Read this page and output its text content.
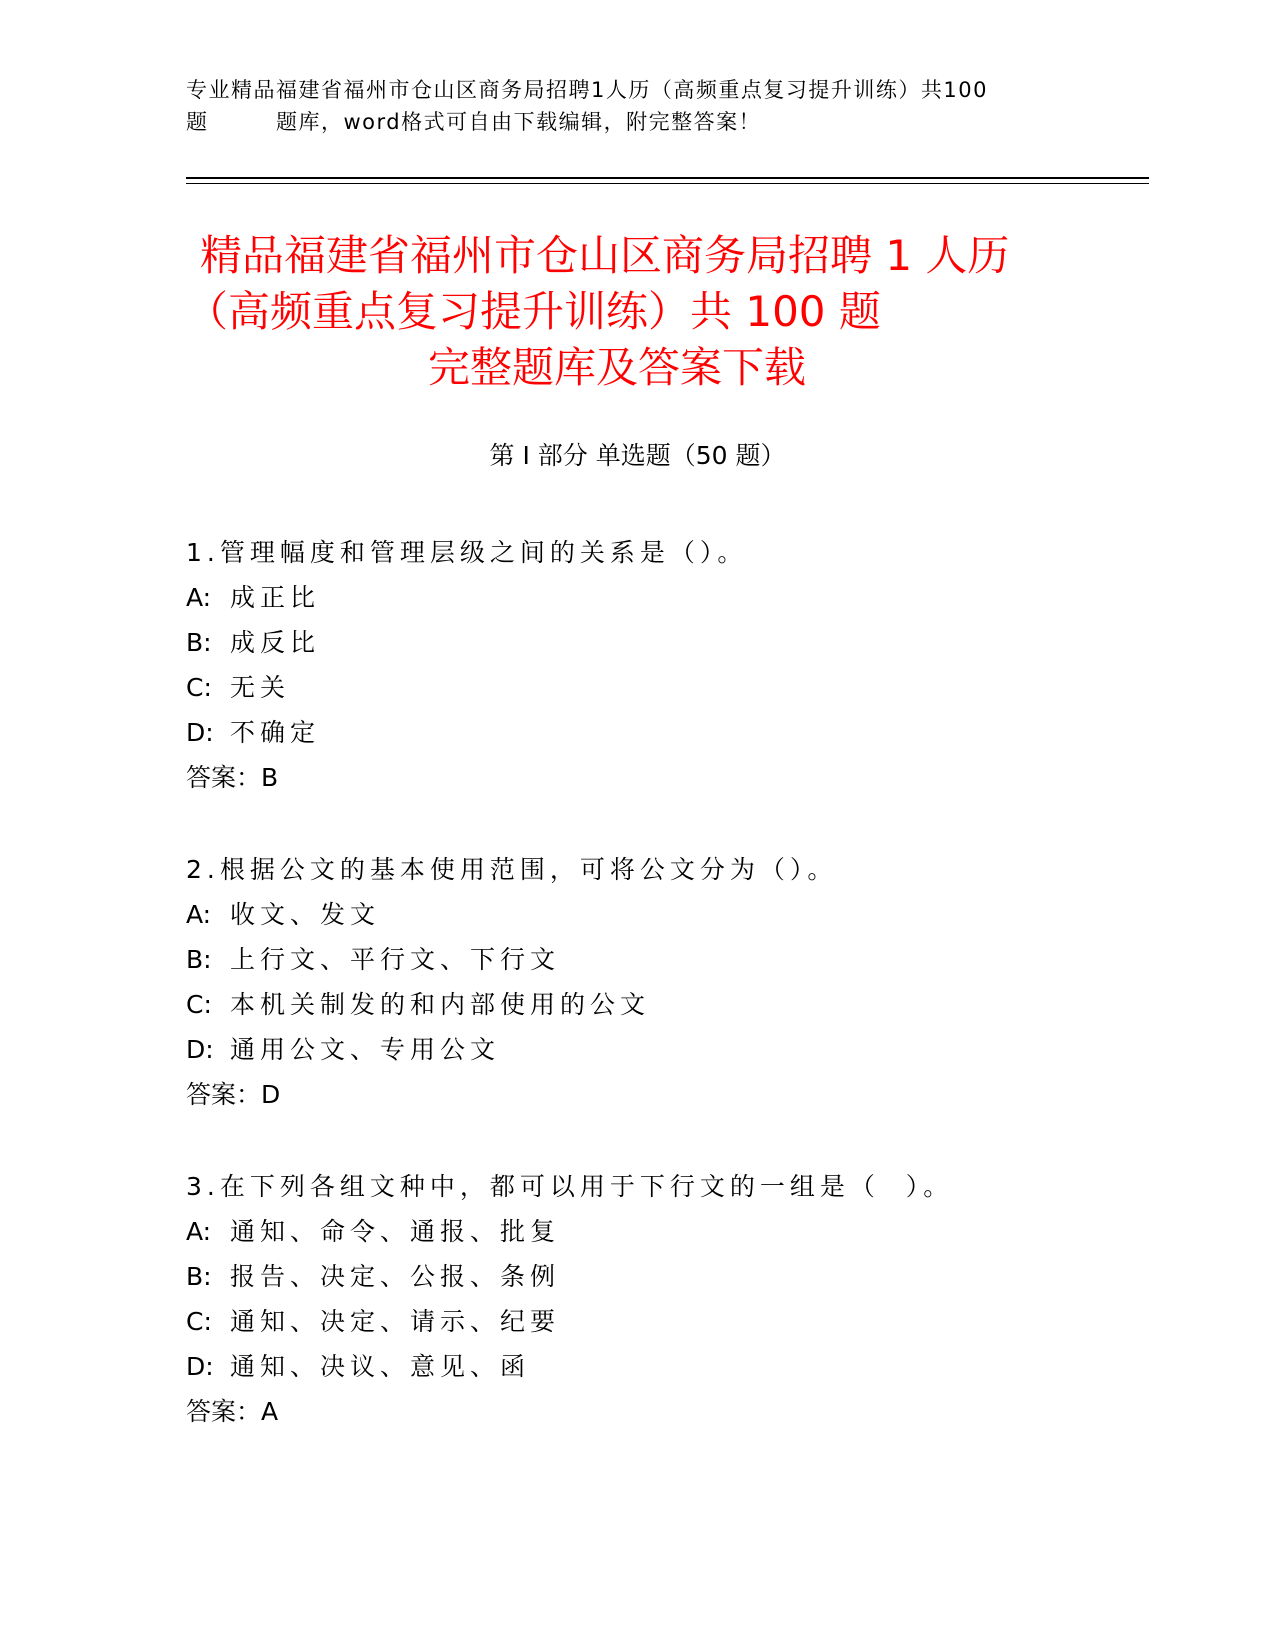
专业精品福建省福州市仓山区商务局招聘1人历（高频重点复习提升训练）共100
题　　　题库，word格式可自由下载编辑，附完整答案！
精品福建省福州市仓山区商务局招聘 1 人历
（高频重点复习提升训练）共 100 题
完整题库及答案下载
第 I 部分 单选题（50 题）
1.管理幅度和管理层级之间的关系是（）。
A: 成正比
B: 成反比
C: 无关
D: 不确定
答案：B
2.根据公文的基本使用范围，可将公文分为（）。
A: 收文、发文
B: 上行文、平行文、下行文
C: 本机关制发的和内部使用的公文
D: 通用公文、专用公文
答案：D
3.在下列各组文种中，都可以用于下行文的一组是（  ）。
A: 通知、命令、通报、批复
B: 报告、决定、公报、条例
C: 通知、决定、请示、纪要
D: 通知、决议、意见、函
答案：A
